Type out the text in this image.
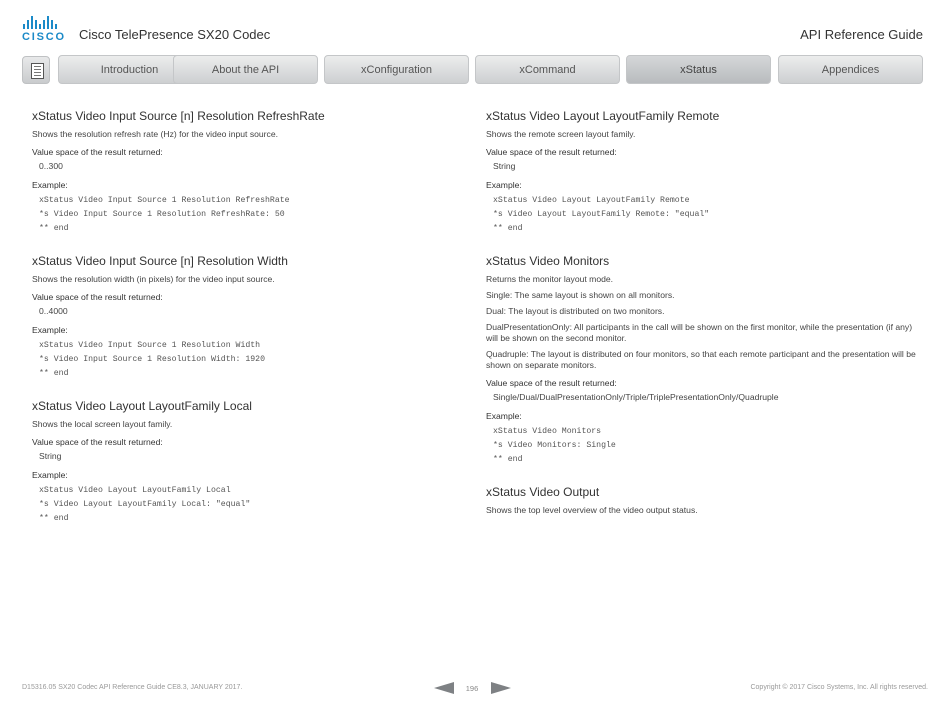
CISCO Cisco TelePresence SX20 Codec	API Reference Guide
Introduction	About the API	xConfiguration	xCommand	xStatus	Appendices
xStatus Video Input Source [n] Resolution RefreshRate

Shows the resolution refresh rate (Hz) for the video input source.

Value space of the result returned:

0..300

Example:

xStatus Video Input Source 1 Resolution RefreshRate
*s Video Input Source 1 Resolution RefreshRate: 50
** end
xStatus Video Input Source [n] Resolution Width

Shows the resolution width (in pixels) for the video input source.

Value space of the result returned:

0..4000

Example:

xStatus Video Input Source 1 Resolution Width
*s Video Input Source 1 Resolution Width: 1920
** end
xStatus Video Layout LayoutFamily Local

Shows the local screen layout family.

Value space of the result returned:

String

Example:

xStatus Video Layout LayoutFamily Local
*s Video Layout LayoutFamily Local: "equal"
** end
xStatus Video Layout LayoutFamily Remote

Shows the remote screen layout family.

Value space of the result returned:

String

Example:

xStatus Video Layout LayoutFamily Remote
*s Video Layout LayoutFamily Remote: "equal"
** end
xStatus Video Monitors

Returns the monitor layout mode.

Single: The same layout is shown on all monitors.

Dual: The layout is distributed on two monitors.

DualPresentationOnly: All participants in the call will be shown on the first monitor, while the presentation (if any) will be shown on the second monitor.

Quadruple: The layout is distributed on four monitors, so that each remote participant and the presentation will be shown on separate monitors.

Value space of the result returned:

Single/Dual/DualPresentationOnly/Triple/TriplePresentationOnly/Quadruple

Example:

xStatus Video Monitors
*s Video Monitors: Single
** end
xStatus Video Output

Shows the top level overview of the video output status.

D15316.05 SX20 Codec API Reference Guide CE8.3, JANUARY 2017.	196	Copyright © 2017 Cisco Systems, Inc. All rights reserved.
